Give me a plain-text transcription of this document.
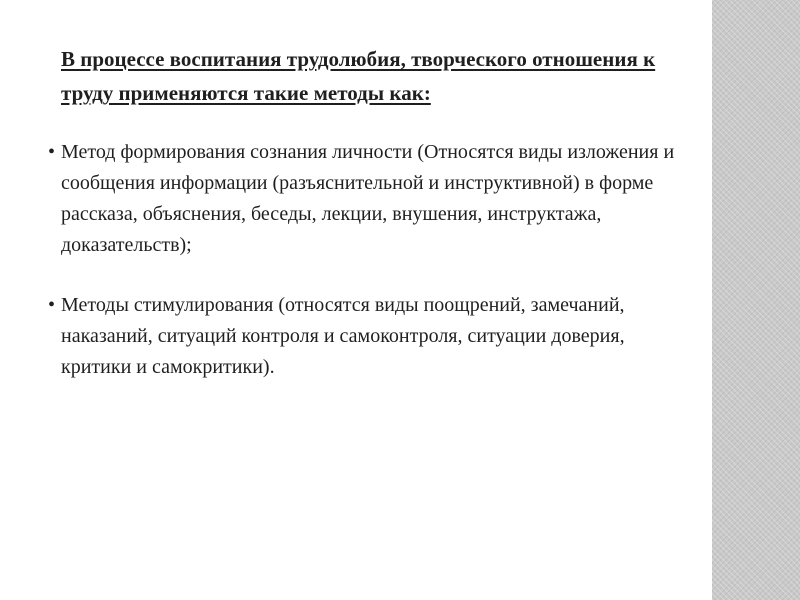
В процессе воспитания трудолюбия, творческого отношения к труду применяются такие методы как:
• Метод формирования сознания личности (Относятся виды изложения и сообщения информации (разъяснительной и инструктивной) в форме рассказа, объяснения, беседы, лекции, внушения, инструктажа, доказательств);
• Методы стимулирования (относятся виды поощрений, замечаний, наказаний, ситуаций контроля и самоконтроля, ситуации доверия, критики и самокритики).
